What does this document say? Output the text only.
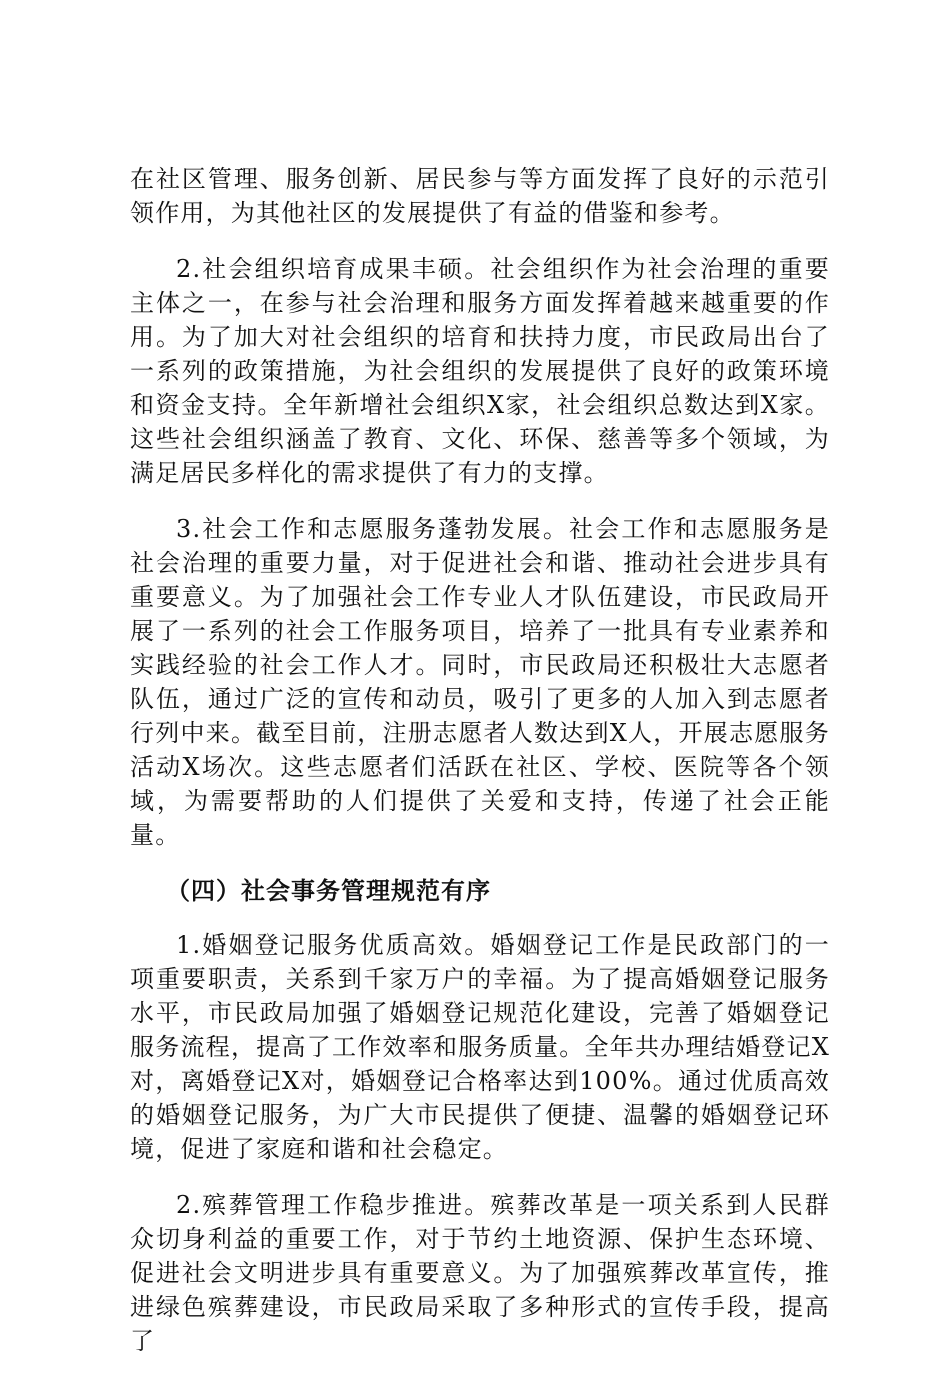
在社区管理、服务创新、居民参与等方面发挥了良好的示范引领作用，为其他社区的发展提供了有益的借鉴和参考。

2.社会组织培育成果丰硕。社会组织作为社会治理的重要主体之一，在参与社会治理和服务方面发挥着越来越重要的作用。为了加大对社会组织的培育和扶持力度，市民政局出台了一系列的政策措施，为社会组织的发展提供了良好的政策环境和资金支持。全年新增社会组织X家，社会组织总数达到X家。这些社会组织涵盖了教育、文化、环保、慈善等多个领域，为满足居民多样化的需求提供了有力的支撑。

3.社会工作和志愿服务蓬勃发展。社会工作和志愿服务是社会治理的重要力量，对于促进社会和谐、推动社会进步具有重要意义。为了加强社会工作专业人才队伍建设，市民政局开展了一系列的社会工作服务项目，培养了一批具有专业素养和实践经验的社会工作人才。同时，市民政局还积极壮大志愿者队伍，通过广泛的宣传和动员，吸引了更多的人加入到志愿者行列中来。截至目前，注册志愿者人数达到X人，开展志愿服务活动X场次。这些志愿者们活跃在社区、学校、医院等各个领域，为需要帮助的人们提供了关爱和支持，传递了社会正能量。

（四）社会事务管理规范有序

1.婚姻登记服务优质高效。婚姻登记工作是民政部门的一项重要职责，关系到千家万户的幸福。为了提高婚姻登记服务水平，市民政局加强了婚姻登记规范化建设，完善了婚姻登记服务流程，提高了工作效率和服务质量。全年共办理结婚登记X对，离婚登记X对，婚姻登记合格率达到100%。通过优质高效的婚姻登记服务，为广大市民提供了便捷、温馨的婚姻登记环境，促进了家庭和谐和社会稳定。

2.殡葬管理工作稳步推进。殡葬改革是一项关系到人民群众切身利益的重要工作，对于节约土地资源、保护生态环境、促进社会文明进步具有重要意义。为了加强殡葬改革宣传，推进绿色殡葬建设，市民政局采取了多种形式的宣传手段，提高了
